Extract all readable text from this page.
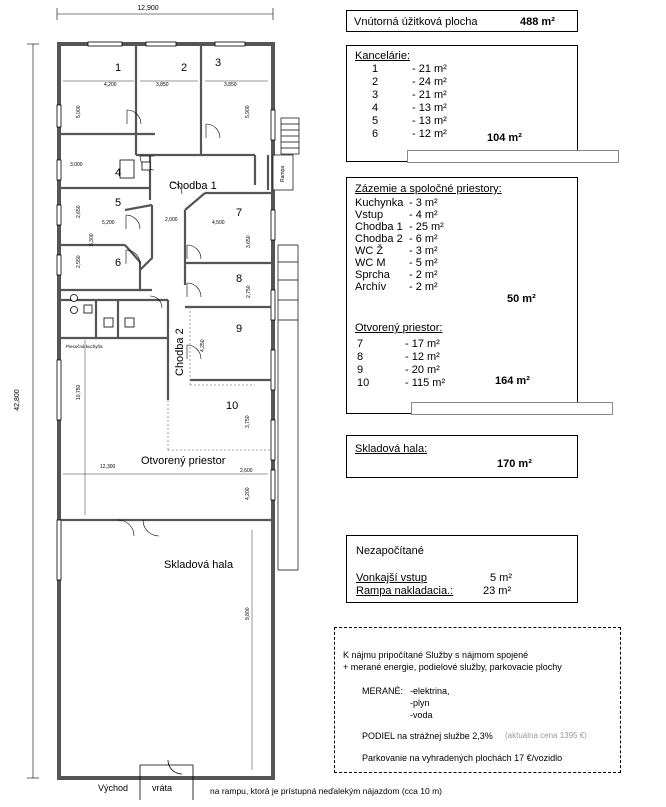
12,900
42,800
Rampa
4,200	3,850	3,850
5,000	5,900
3,000
2,650
5,200
5,300
2,000	4,500
3,650
2,550
2,750
4,250
10,750
3,750
12,300
4,200
9,800
2,600
Piesočná kuchyňa
1	2	3
4
5
6
7
8
9
10
Chodba 1
Chodba 2
Otvorený priestor
Skladová hala
Východ	vráta	na rampu, ktorá je prístupná neďalekým nájazdom (cca 10 m)
Vnútorná úžitková plocha	488 m²
Kancelárie:
1	- 21 m²
2	- 24 m²
3	- 21 m²
4	- 13 m²
5	- 13 m²
6	- 12 m²	104 m²
Zázemie a spoločné priestory:
Kuchynka - 3 m²
Vstup - 4 m²
Chodba 1 - 25 m²
Chodba 2 - 6 m²
WC Ž - 3 m²
WC M - 5 m²
Sprcha - 2 m²
Archív - 2 m²
50 m²
Otvorený priestor:
7	- 17 m²
8	- 12 m²
9	- 20 m²
10	- 115 m²	164 m²
Skladová hala:
170 m²
Nezapočítané
Vonkajší vstup	5 m²
Rampa nakladacia.:	23 m²
K nájmu pripočítané Služby s nájmom spojené
+ merané energie, podielové služby, parkovacie plochy
MERANÉ: -elektrina,
-plyn
-voda
PODIEL na strážnej službe 2,3% (aktuálna cena 1395 €)
Parkovanie na vyhradených plochách 17 €/vozidlo
